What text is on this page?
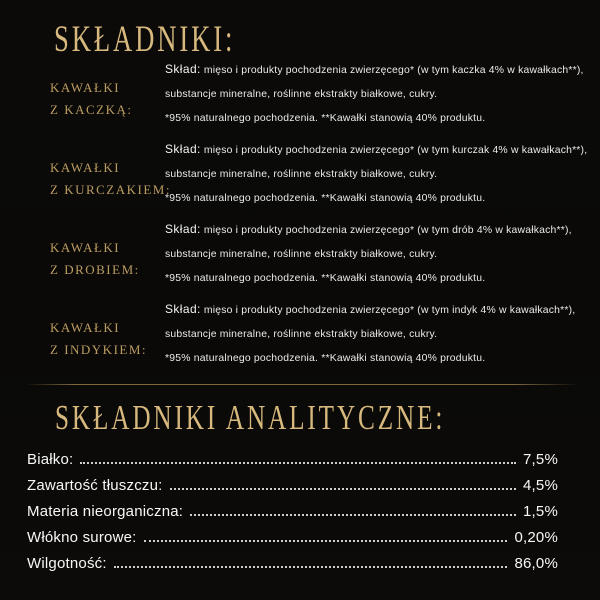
SKŁADNIKI:
KAWAŁKI
Z KACZKĄ:
Skład: mięso i produkty pochodzenia zwierzęcego* (w tym kaczka 4% w kawałkach**),
substancje mineralne, roślinne ekstrakty białkowe, cukry.
*95% naturalnego pochodzenia. **Kawałki stanowią 40% produktu.
KAWAŁKI
Z KURCZAKIEM:
Skład: mięso i produkty pochodzenia zwierzęcego* (w tym kurczak 4% w kawałkach**),
substancje mineralne, roślinne ekstrakty białkowe, cukry.
*95% naturalnego pochodzenia. **Kawałki stanowią 40% produktu.
KAWAŁKI
Z DROBIEM:
Skład: mięso i produkty pochodzenia zwierzęcego* (w tym drób 4% w kawałkach**),
substancje mineralne, roślinne ekstrakty białkowe, cukry.
*95% naturalnego pochodzenia. **Kawałki stanowią 40% produktu.
KAWAŁKI
Z INDYKIEM:
Skład: mięso i produkty pochodzenia zwierzęcego* (w tym indyk 4% w kawałkach**),
substancje mineralne, roślinne ekstrakty białkowe, cukry.
*95% naturalnego pochodzenia. **Kawałki stanowią 40% produktu.
SKŁADNIKI ANALITYCZNE:
Białko:	7,5%
Zawartość tłuszczu:	4,5%
Materia nieorganiczna:	1,5%
Włókno surowe:	0,20%
Wilgotność:	86,0%
